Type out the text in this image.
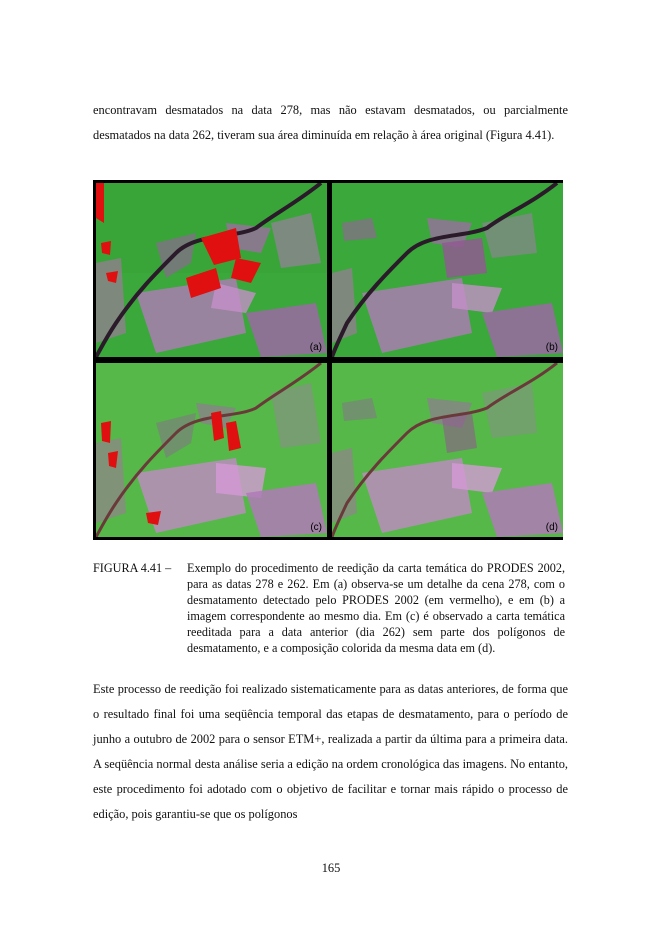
encontravam desmatados na data 278, mas não estavam desmatados, ou parcialmente desmatados na data 262, tiveram sua área diminuída em relação à área original (Figura 4.41).

(a)	(b)
(c)	(d)
FIGURA 4.41 –	Exemplo do procedimento de reedição da carta temática do PRODES 2002, para as datas 278 e 262. Em (a) observa-se um detalhe da cena 278, com o desmatamento detectado pelo PRODES 2002 (em vermelho), e em (b) a imagem correspondente ao mesmo dia. Em (c) é observado a carta temática reeditada para a data anterior (dia 262) sem parte dos polígonos de desmatamento, e a composição colorida da mesma data em (d).

Este processo de reedição foi realizado sistematicamente para as datas anteriores, de forma que o resultado final foi uma seqüência temporal das etapas de desmatamento, para o período de junho a outubro de 2002 para o sensor ETM+, realizada a partir da última para a primeira data. A seqüência normal desta análise seria a edição na ordem cronológica das imagens. No entanto, este procedimento foi adotado com o objetivo de facilitar e tornar mais rápido o processo de edição, pois garantiu-se que os polígonos

165
